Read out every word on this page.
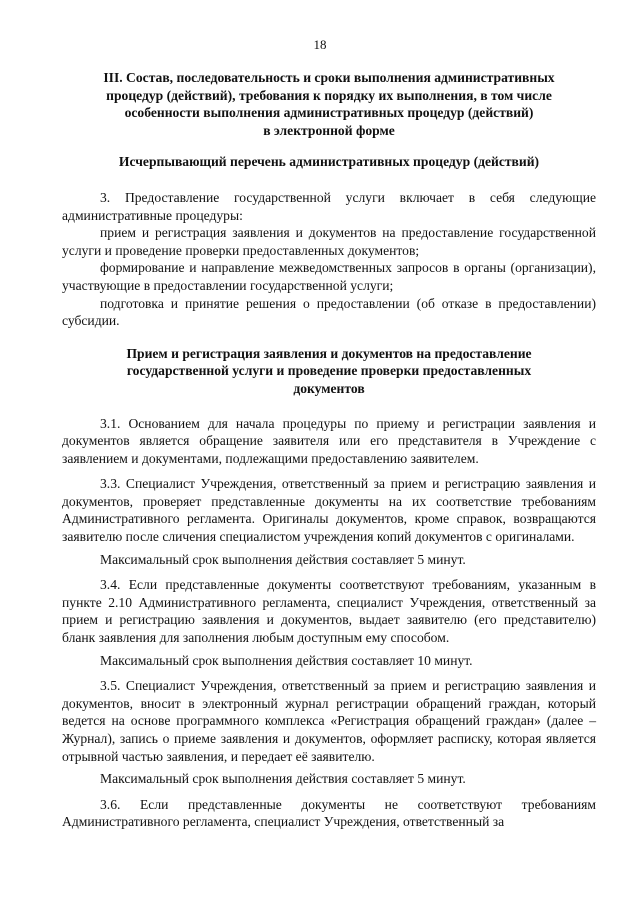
18
III. Состав, последовательность и сроки выполнения административных
процедур (действий), требования к порядку их выполнения, в том числе
особенности выполнения административных процедур (действий)
в электронной форме
Исчерпывающий перечень административных процедур (действий)

3. Предоставление государственной услуги включает в себя следующие административные процедуры:

прием и регистрация заявления и документов на предоставление государственной услуги и проведение проверки предоставленных документов;

формирование и направление межведомственных запросов в органы (организации), участвующие в предоставлении государственной услуги;

подготовка и принятие решения о предоставлении (об отказе в предоставлении) субсидии.

Прием и регистрация заявления и документов на предоставление
государственной услуги и проведение проверки предоставленных
документов

3.1. Основанием для начала процедуры по приему и регистрации заявления и документов является обращение заявителя или его представителя в Учреждение с заявлением и документами, подлежащими предоставлению заявителем.

3.3. Специалист Учреждения, ответственный за прием и регистрацию заявления и документов, проверяет представленные документы на их соответствие требованиям Административного регламента. Оригиналы документов, кроме справок, возвращаются заявителю после сличения специалистом учреждения копий документов с оригиналами.

Максимальный срок выполнения действия составляет 5 минут.

3.4. Если представленные документы соответствуют требованиям, указанным в пункте 2.10 Административного регламента, специалист Учреждения, ответственный за прием и регистрацию заявления и документов, выдает заявителю (его представителю) бланк заявления для заполнения любым доступным ему способом.

Максимальный срок выполнения действия составляет 10 минут.

3.5. Специалист Учреждения, ответственный за прием и регистрацию заявления и документов, вносит в электронный журнал регистрации обращений граждан, который ведется на основе программного комплекса «Регистрация обращений граждан» (далее – Журнал), запись о приеме заявления и документов, оформляет расписку, которая является отрывной частью заявления, и передает её заявителю.

Максимальный срок выполнения действия составляет 5 минут.

3.6. Если представленные документы не соответствуют требованиям Административного регламента, специалист Учреждения, ответственный за
